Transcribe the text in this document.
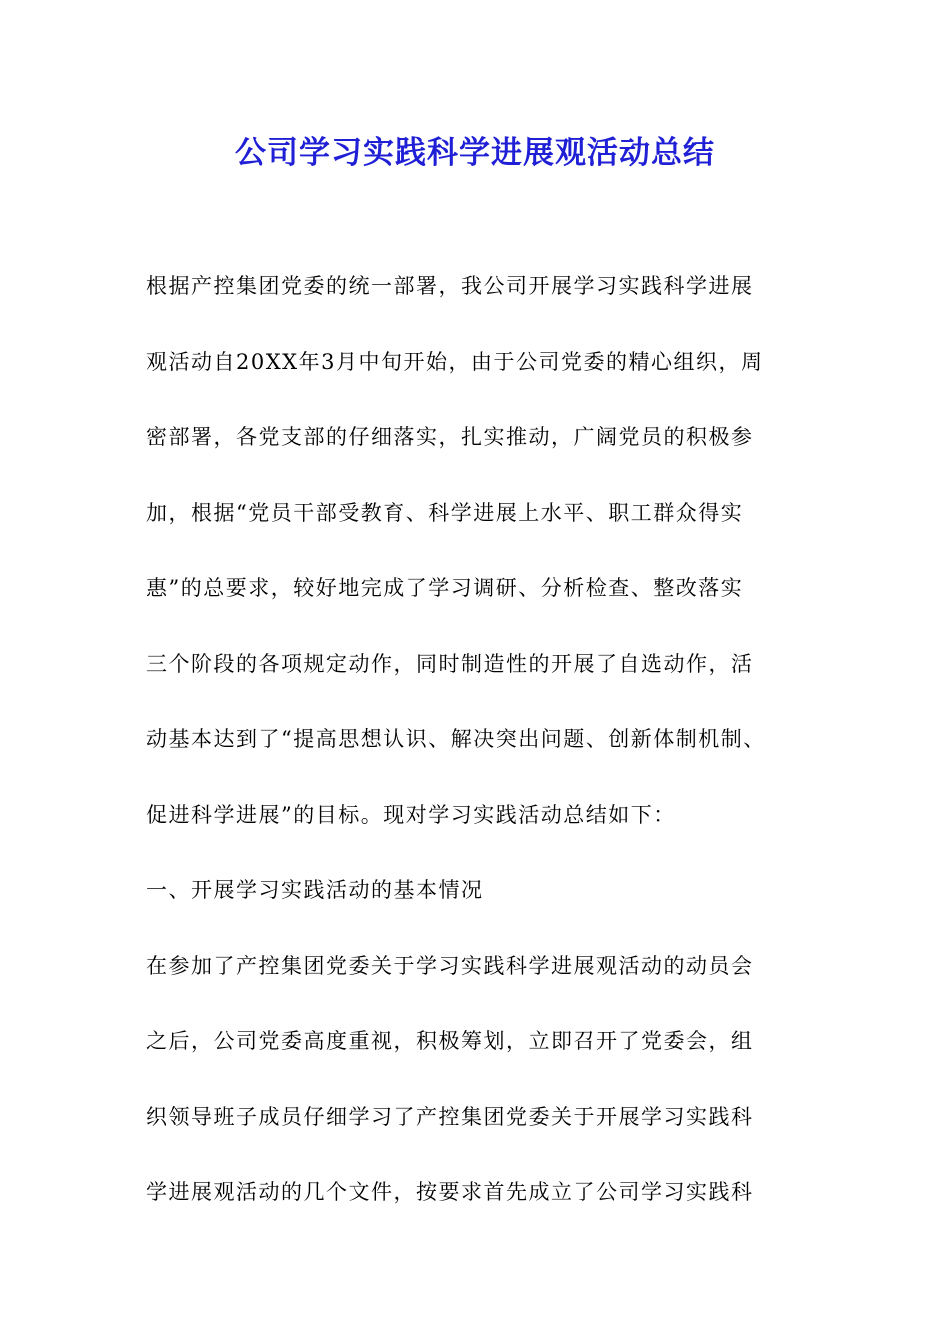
公司学习实践科学进展观活动总结

根据产控集团党委的统一部署，我公司开展学习实践科学进展

观活动自20XX年3月中旬开始，由于公司党委的精心组织，周

密部署，各党支部的仔细落实，扎实推动，广阔党员的积极参

加，根据“党员干部受教育、科学进展上水平、职工群众得实

惠”的总要求，较好地完成了学习调研、分析检查、整改落实

三个阶段的各项规定动作，同时制造性的开展了自选动作，活

动基本达到了“提高思想认识、解决突出问题、创新体制机制、

促进科学进展”的目标。现对学习实践活动总结如下：

一、开展学习实践活动的基本情况

在参加了产控集团党委关于学习实践科学进展观活动的动员会

之后，公司党委高度重视，积极筹划，立即召开了党委会，组

织领导班子成员仔细学习了产控集团党委关于开展学习实践科

学进展观活动的几个文件，按要求首先成立了公司学习实践科
